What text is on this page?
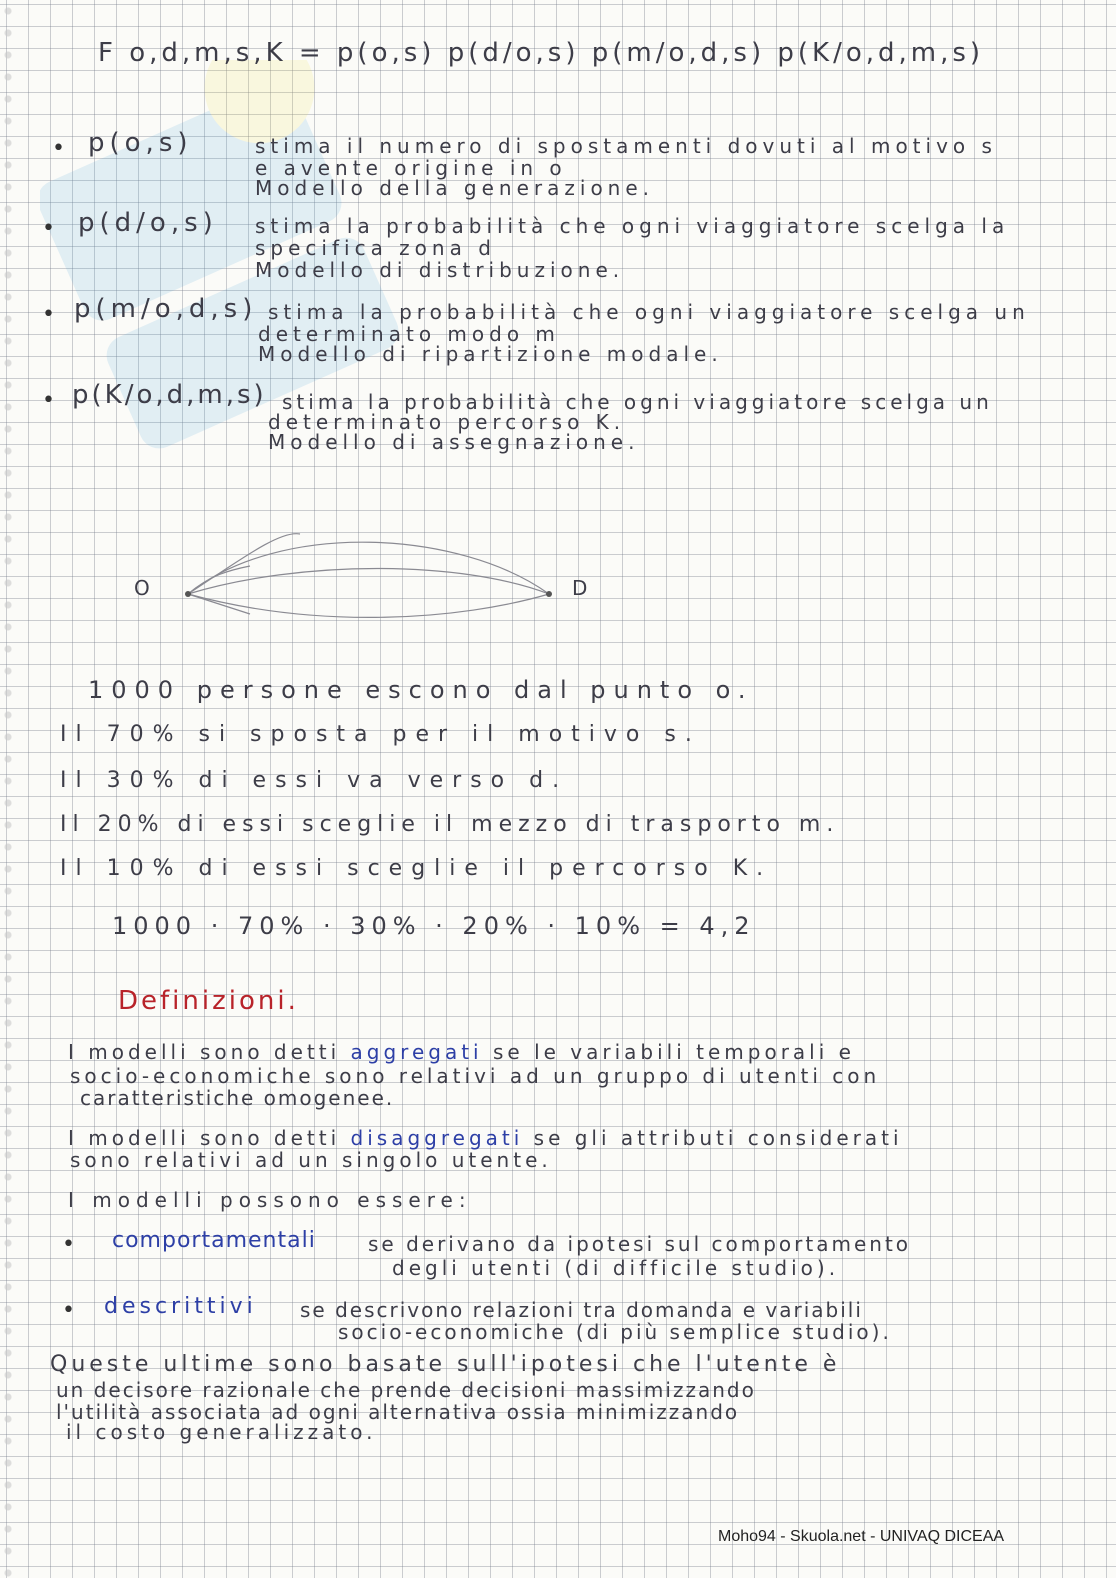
F o,d,m,s,K = p(o,s) p(d/o,s) p(m/o,d,s) p(K/o,d,m,s)
• p(o,s)	stima il numero di spostamenti dovuti al motivo s
e avente origine in o
Modello della generazione.
• p(d/o,s) stima la probabilità che ogni viaggiatore scelga la
specifica zona d
Modello di distribuzione.
• p(m/o,d,s) stima la probabilità che ogni viaggiatore scelga un
determinato modo m
Modello di ripartizione modale.
• p(K/o,d,m,s) stima la probabilità che ogni viaggiatore scelga un
determinato percorso K.
Modello di assegnazione.
O	D
1000 persone escono dal punto o.
Il 70% si sposta per il motivo s.
Il 30% di essi va verso d.
Il 20% di essi sceglie il mezzo di trasporto m.
Il 10% di essi sceglie il percorso K.
1000 · 70% · 30% · 20% · 10% = 4,2
Definizioni.
I modelli sono detti aggregati se le variabili temporali e
socio-economiche sono relativi ad un gruppo di utenti con
caratteristiche omogenee.
I modelli sono detti disaggregati se gli attributi considerati
sono relativi ad un singolo utente.
I modelli possono essere:
• comportamentali	se derivano da ipotesi sul comportamento
degli utenti (di difficile studio).
• descrittivi se descrivono relazioni tra domanda e variabili
socio-economiche (di più semplice studio).
Queste ultime sono basate sull'ipotesi che l'utente è
un decisore razionale che prende decisioni massimizzando
l'utilità associata ad ogni alternativa ossia minimizzando
il costo generalizzato.
Moho94 - Skuola.net - UNIVAQ DICEAA
